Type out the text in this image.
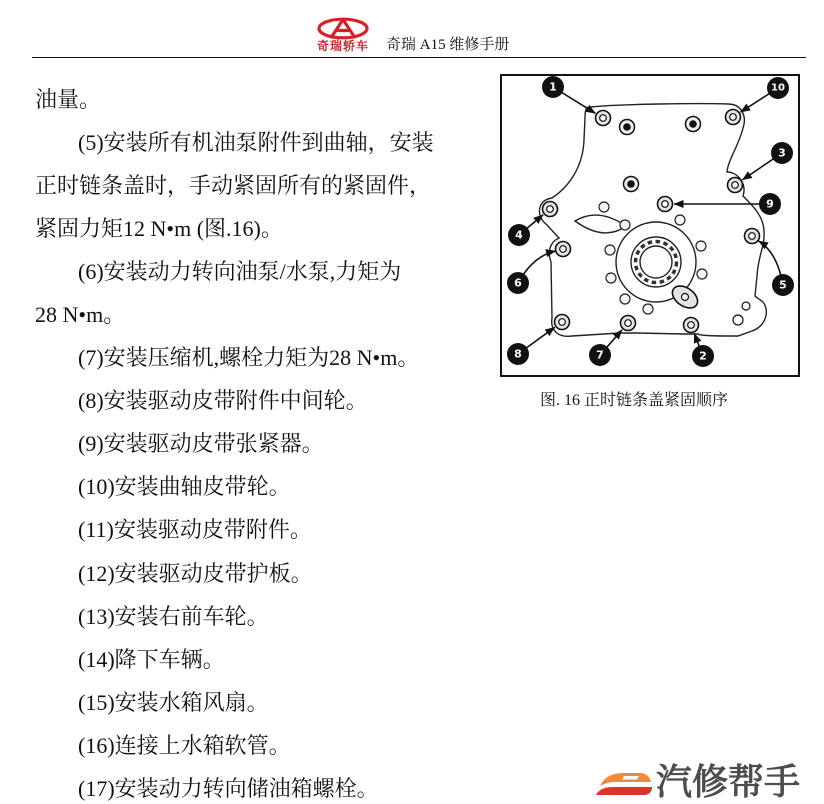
奇瑞轿车 奇瑞 A15 维修手册
油量。
(5)安装所有机油泵附件到曲轴，安装
正时链条盖时，手动紧固所有的紧固件，
紧固力矩12 N•m (图.16)。
(6)安装动力转向油泵/水泵,力矩为
28 N•m。
(7)安装压缩机,螺栓力矩为28 N•m。
(8)安装驱动皮带附件中间轮。
(9)安装驱动皮带张紧器。
(10)安装曲轴皮带轮。
(11)安装驱动皮带附件。
(12)安装驱动皮带护板。
(13)安装右前车轮。
(14)降下车辆。
(15)安装水箱风扇。
(16)连接上水箱软管。
(17)安装动力转向储油箱螺栓。
1
2
3
4
5
6
7
8
9
10
图. 16 正时链条盖紧固顺序
汽修帮手
